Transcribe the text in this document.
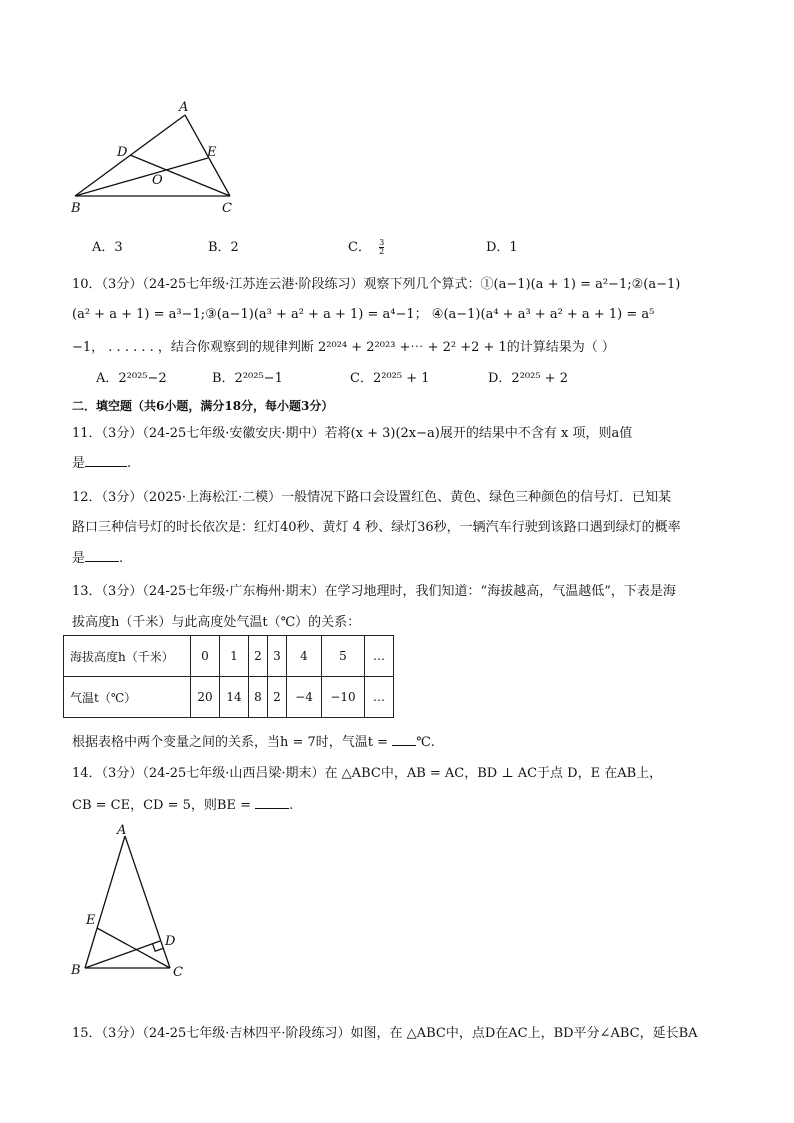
A
B	C
D	E
O
A．3	B．2	C． $\frac{3}{2}$	D．1
10．（3分）（24-25七年级·江苏连云港·阶段练习）观察下列几个算式：①(a−1)(a + 1) = a²−1;②(a−1)
(a² + a + 1) = a³−1;③(a−1)(a³ + a² + a + 1) = a⁴−1； ④(a−1)(a⁴ + a³ + a² + a + 1) = a⁵
−1， . . . . . . ，结合你观察到的规律判断 2²⁰²⁴ + 2²⁰²³ +⋯ + 2² +2 + 1的计算结果为（ ）
A．2²⁰²⁵−2	B．2²⁰²⁵−1	C．2²⁰²⁵ + 1	D．2²⁰²⁵ + 2
二．填空题（共6小题，满分18分，每小题3分）
11．（3分）（24-25七年级·安徽安庆·期中）若将(x + 3)(2x−a)展开的结果中不含有 x 项，则a值
是	.
12．（3分）（2025·上海松江·二模）一般情况下路口会设置红色、黄色、绿色三种颜色的信号灯．已知某
路口三种信号灯的时长依次是：红灯40秒、黄灯 4 秒、绿灯36秒，一辆汽车行驶到该路口遇到绿灯的概率
是	.
13．（3分）（24-25七年级·广东梅州·期末）在学习地理时，我们知道：“海拔越高，气温越低”，下表是海
拔高度h（千米）与此高度处气温t（℃）的关系：
海拔高度h（千米）	0	1	2	3	4	5	…
气温t（℃）	20	14	8	2	−4	−10	…
根据表格中两个变量之间的关系，当h = 7时，气温t = ℃.
14．（3分）（24-25七年级·山西吕梁·期末）在 △ABC中，AB = AC，BD ⊥ AC于点 D，E 在AB上，
CB = CE，CD = 5，则BE =	.
A
B	C
D
E
15．（3分）（24-25七年级·吉林四平·阶段练习）如图，在 △ABC中，点D在AC上，BD平分∠ABC，延长BA
